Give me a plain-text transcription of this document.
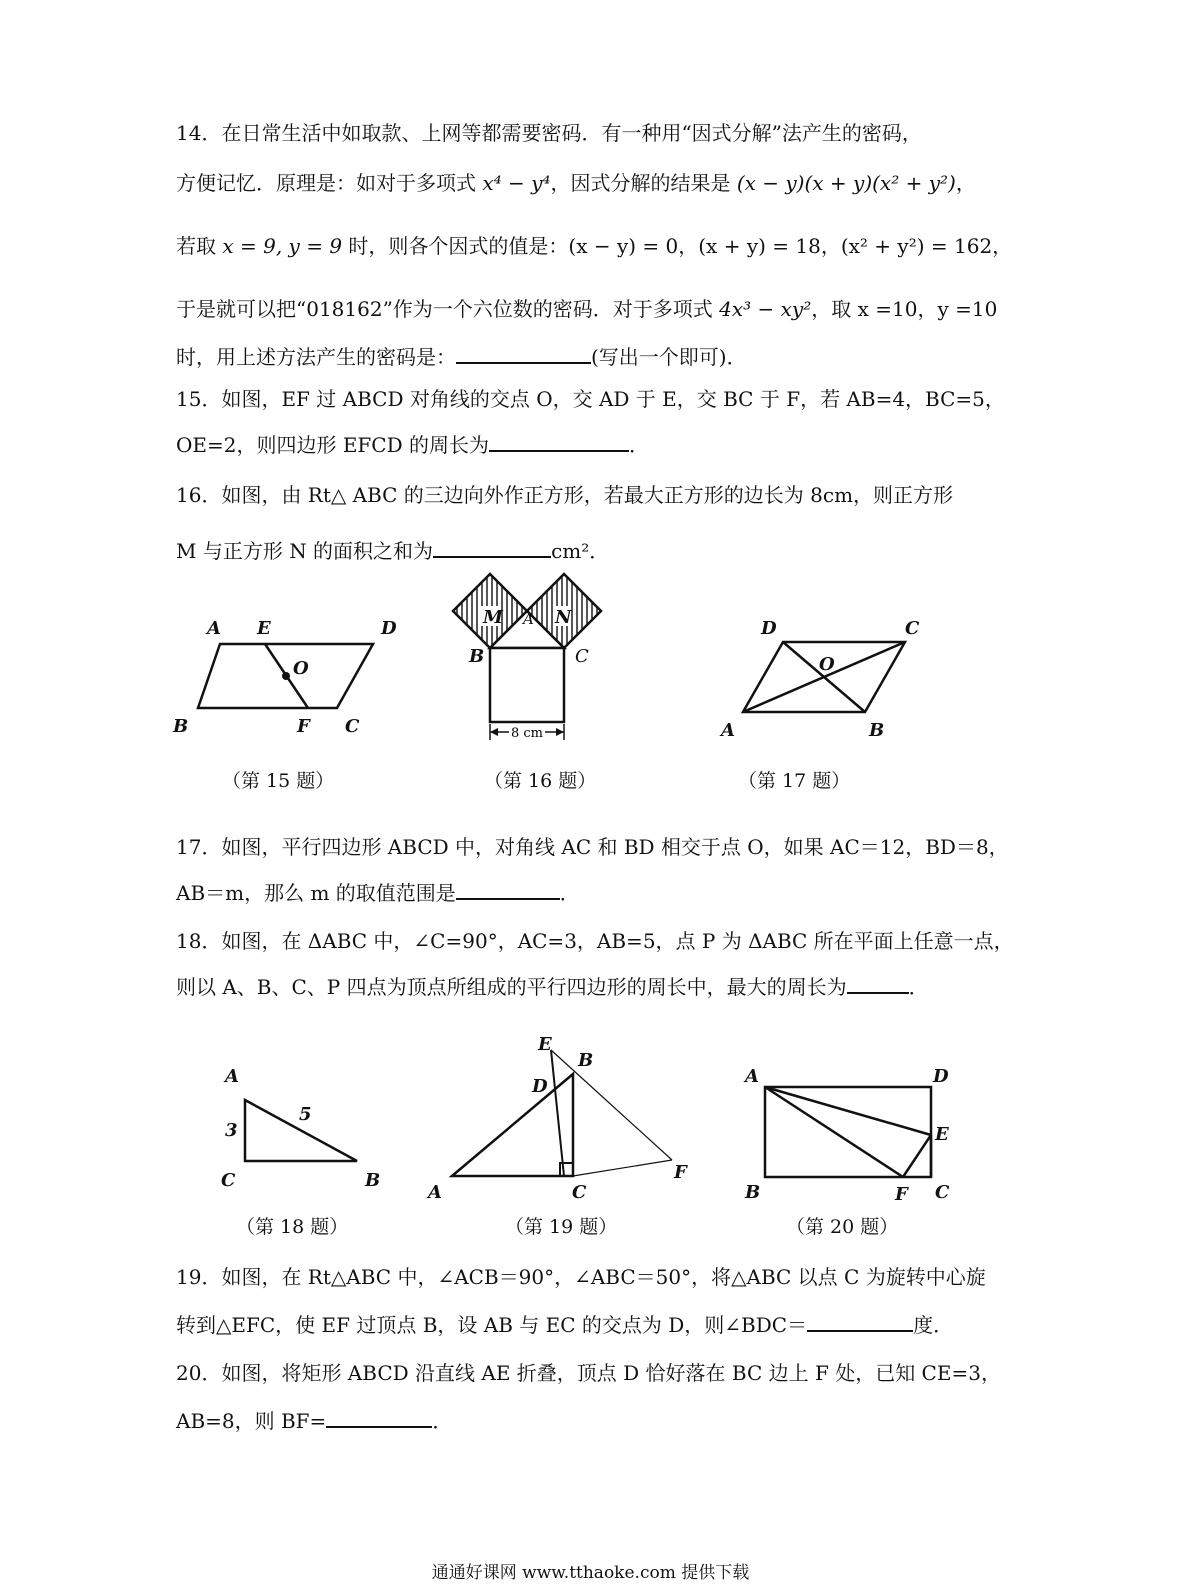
14．在日常生活中如取款、上网等都需要密码．有一种用“因式分解”法产生的密码，
方便记忆．原理是：如对于多项式 x⁴ − y⁴，因式分解的结果是 (x − y)(x + y)(x² + y²)，
若取 x = 9, y = 9 时，则各个因式的值是：(x − y) = 0，(x + y) = 18，(x² + y²) = 162，
于是就可以把“018162”作为一个六位数的密码．对于多项式 4x³ − xy²，取 x =10，y =10
时，用上述方法产生的密码是：	(写出一个即可)．
15．如图，EF 过 ABCD 对角线的交点 O，交 AD 于 E，交 BC 于 F，若 AB=4，BC=5，
OE=2，则四边形 EFCD 的周长为	．
16．如图，由 Rt△ ABC 的三边向外作正方形，若最大正方形的边长为 8cm，则正方形
M 与正方形 N 的面积之和为	cm²．
A E	D
O
B	F C
（第 15 题）
M	N
A
B	C
8 cm
（第 16 题）
D	C
O
A	B
（第 17 题）
17．如图，平行四边形 ABCD 中，对角线 AC 和 BD 相交于点 O，如果 AC＝12，BD＝8，
AB＝m，那么 m 的取值范围是	．
18．如图，在 ΔABC 中，∠C=90°，AC=3，AB=5，点 P 为 ΔABC 所在平面上任意一点，
则以 A、B、C、P 四点为顶点所组成的平行四边形的周长中，最大的周长为	．
A
3
5
C	B
（第 18 题）
E
B
D
A	C
F
（第 19 题）
A	D
E
B	F C
（第 20 题）
19．如图，在 Rt△ABC 中，∠ACB＝90°，∠ABC＝50°，将△ABC 以点 C 为旋转中心旋
转到△EFC，使 EF 过顶点 B，设 AB 与 EC 的交点为 D，则∠BDC＝	度．
20．如图，将矩形 ABCD 沿直线 AE 折叠，顶点 D 恰好落在 BC 边上 F 处，已知 CE=3，
AB=8，则 BF=	．
通通好课网 www.tthaoke.com 提供下载
